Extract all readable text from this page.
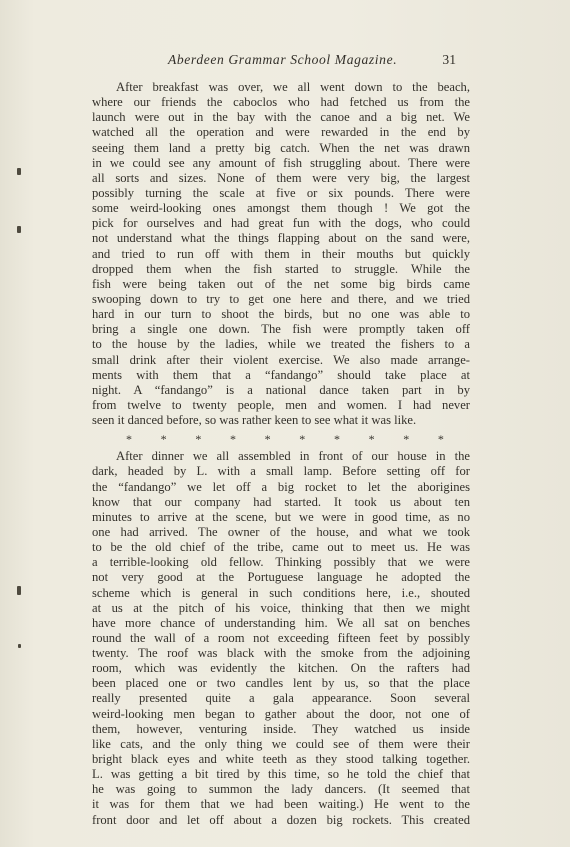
Aberdeen Grammar School Magazine.	31
After breakfast was over, we all went down to the beach,
where our friends the caboclos who had fetched us from the
launch were out in the bay with the canoe and a big net. We
watched all the operation and were rewarded in the end by
seeing them land a pretty big catch. When the net was drawn
in we could see any amount of fish struggling about. There were
all sorts and sizes. None of them were very big, the largest
possibly turning the scale at five or six pounds. There were
some weird-looking ones amongst them though ! We got the
pick for ourselves and had great fun with the dogs, who could
not understand what the things flapping about on the sand were,
and tried to run off with them in their mouths but quickly
dropped them when the fish started to struggle. While the
fish were being taken out of the net some big birds came
swooping down to try to get one here and there, and we tried
hard in our turn to shoot the birds, but no one was able to
bring a single one down. The fish were promptly taken off
to the house by the ladies, while we treated the fishers to a
small drink after their violent exercise. We also made arrange-
ments with them that a “fandango” should take place at
night. A “fandango” is a national dance taken part in by
from twelve to twenty people, men and women. I had never
seen it danced before, so was rather keen to see what it was like.
* * * * * * * * * *
After dinner we all assembled in front of our house in the
dark, headed by L. with a small lamp. Before setting off for
the “fandango” we let off a big rocket to let the aborigines
know that our company had started. It took us about ten
minutes to arrive at the scene, but we were in good time, as no
one had arrived. The owner of the house, and what we took
to be the old chief of the tribe, came out to meet us. He was
a terrible-looking old fellow. Thinking possibly that we were
not very good at the Portuguese language he adopted the
scheme which is general in such conditions here, i.e., shouted
at us at the pitch of his voice, thinking that then we might
have more chance of understanding him. We all sat on benches
round the wall of a room not exceeding fifteen feet by possibly
twenty. The roof was black with the smoke from the adjoining
room, which was evidently the kitchen. On the rafters had
been placed one or two candles lent by us, so that the place
really presented quite a gala appearance. Soon several
weird-looking men began to gather about the door, not one of
them, however, venturing inside. They watched us inside
like cats, and the only thing we could see of them were their
bright black eyes and white teeth as they stood talking together.
L. was getting a bit tired by this time, so he told the chief that
he was going to summon the lady dancers. (It seemed that
it was for them that we had been waiting.) He went to the
front door and let off about a dozen big rockets. This created
